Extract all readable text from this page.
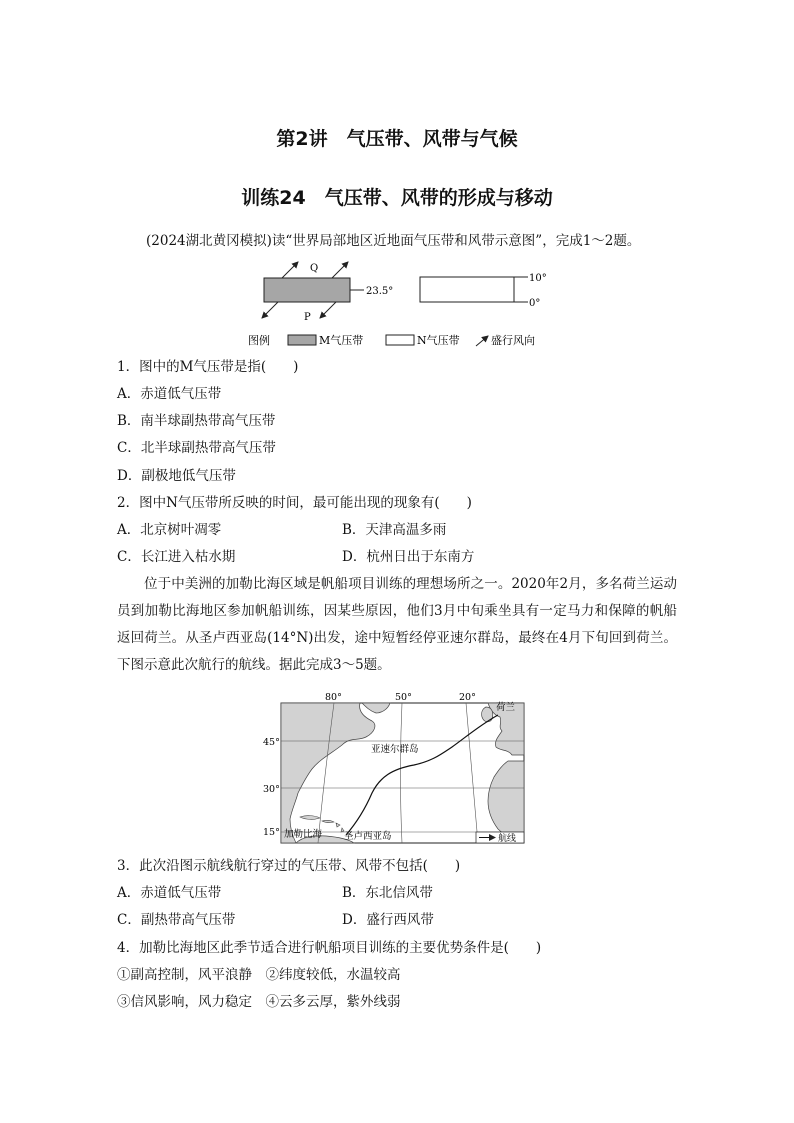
第2讲　气压带、风带与气候
训练24　气压带、风带的形成与移动
(2024湖北黄冈模拟)读“世界局部地区近地面气压带和风带示意图”，完成1～2题。
23.5°
Q
P
10°
0°
图例	M气压带	N气压带	盛行风向
1．图中的M气压带是指(　　)
A．赤道低气压带
B．南半球副热带高气压带
C．北半球副热带高气压带
D．副极地低气压带
2．图中N气压带所反映的时间，最可能出现的现象有(　　)
A．北京树叶凋零	B．天津高温多雨
C．长江进入枯水期	D．杭州日出于东南方
位于中美洲的加勒比海区域是帆船项目训练的理想场所之一。2020年2月，多名荷兰运动员到加勒比海地区参加帆船训练，因某些原因，他们3月中旬乘坐具有一定马力和保障的帆船返回荷兰。从圣卢西亚岛(14°N)出发，途中短暂经停亚速尔群岛，最终在4月下旬回到荷兰。下图示意此次航行的航线。据此完成3～5题。
80°	50°	20°
45°
30°
15°
荷兰
亚速尔群岛
加勒比海 圣卢西亚岛	航线
3．此次沿图示航线航行穿过的气压带、风带不包括(　　)
A．赤道低气压带	B．东北信风带
C．副热带高气压带	D．盛行西风带
4．加勒比海地区此季节适合进行帆船项目训练的主要优势条件是(　　)
①副高控制，风平浪静　②纬度较低，水温较高
③信风影响，风力稳定　④云多云厚，紫外线弱
